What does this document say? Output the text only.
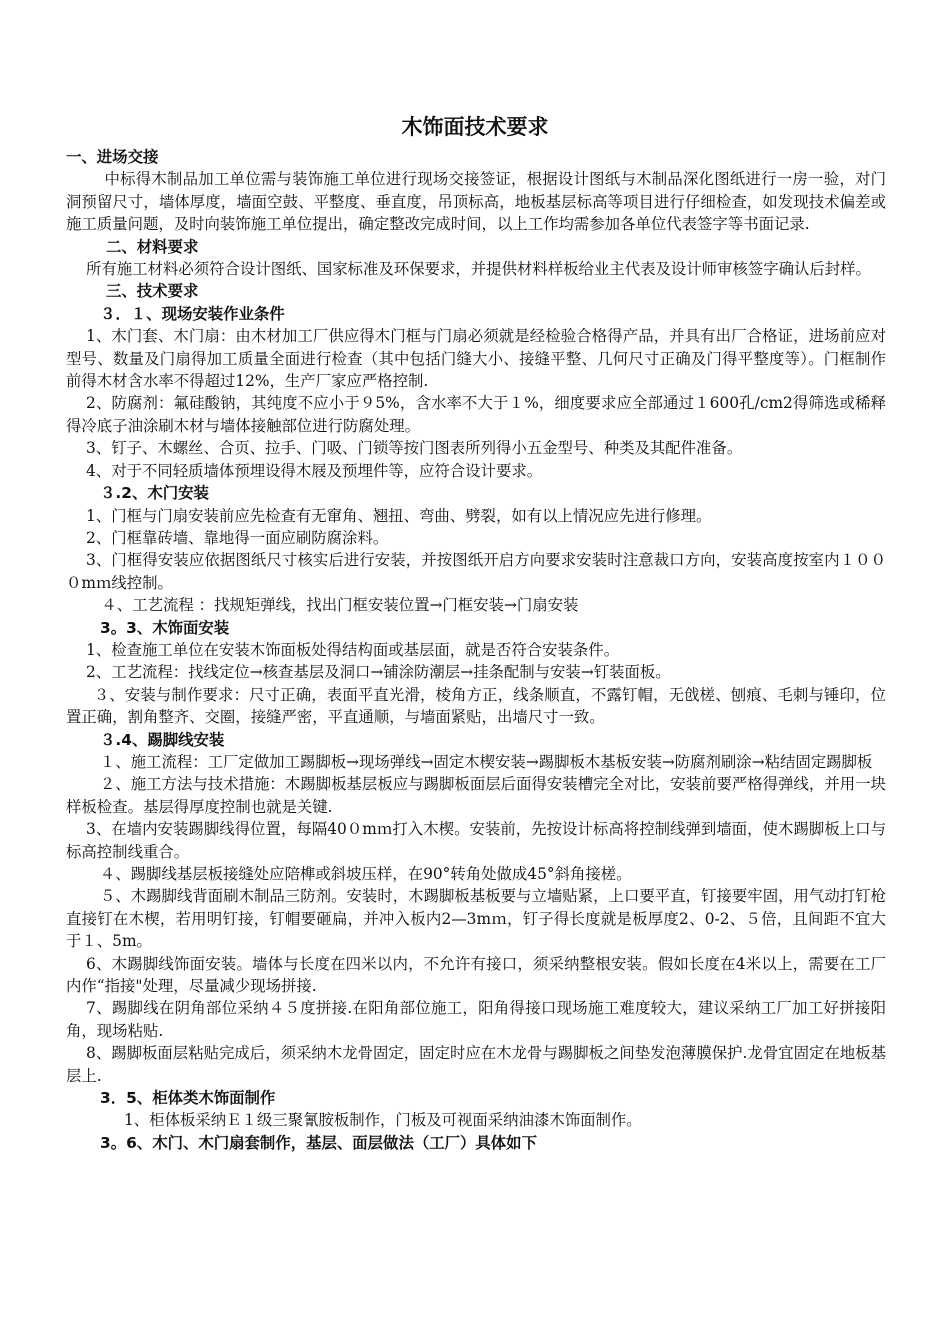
木饰面技术要求
一、进场交接
中标得木制品加工单位需与装饰施工单位进行现场交接签证，根据设计图纸与木制品深化图纸进行一房一验，对门洞预留尺寸，墙体厚度，墙面空鼓、平整度、垂直度，吊顶标高，地板基层标高等项目进行仔细检查，如发现技术偏差或施工质量问题，及时向装饰施工单位提出，确定整改完成时间，以上工作均需参加各单位代表签字等书面记录.
二、材料要求
所有施工材料必须符合设计图纸、国家标准及环保要求，并提供材料样板给业主代表及设计师审核签字确认后封样。
三、技术要求
３．１、现场安装作业条件
1、木门套、木门扇：由木材加工厂供应得木门框与门扇必须就是经检验合格得产品，并具有出厂合格证，进场前应对型号、数量及门扇得加工质量全面进行检查（其中包括门缝大小、接缝平整、几何尺寸正确及门得平整度等）。门框制作前得木材含水率不得超过12%，生产厂家应严格控制.
2、防腐剂：氟硅酸钠，其纯度不应小于９5%，含水率不大于１%，细度要求应全部通过１600孔/cm2得筛选或稀释得冷底子油涂刷木材与墙体接触部位进行防腐处理。
3、钉子、木螺丝、合页、拉手、门吸、门锁等按门图表所列得小五金型号、种类及其配件准备。
4、对于不同轻质墙体预埋设得木屐及预埋件等，应符合设计要求。
３.2、木门安装
1、门框与门扇安装前应先检查有无窜角、翘扭、弯曲、劈裂，如有以上情况应先进行修理。
2、门框靠砖墙、靠地得一面应刷防腐涂料。
3、门框得安装应依据图纸尺寸核实后进行安装，并按图纸开启方向要求安装时注意裁口方向，安装高度按室内１０００mｍ线控制。
４、工艺流程 ：找规矩弹线，找出门框安装位置→门框安装→门扇安装
3。3、木饰面安装
1、检查施工单位在安装木饰面板处得结构面或基层面，就是否符合安装条件。
2、工艺流程：找线定位→核查基层及洞口→铺涂防潮层→挂条配制与安装→钉装面板。
３、安装与制作要求：尺寸正确，表面平直光滑，棱角方正，线条顺直，不露钉帽，无戗槎、刨痕、毛刺与锤印，位置正确，割角整齐、交圈，接缝严密，平直通顺，与墙面紧贴，出墙尺寸一致。
３.4、踢脚线安装
１、施工流程：工厂定做加工踢脚板→现场弹线→固定木楔安装→踢脚板木基板安装→防腐剂刷涂→粘结固定踢脚板
２、施工方法与技术措施：木踢脚板基层板应与踢脚板面层后面得安装槽完全对比，安装前要严格得弹线，并用一块样板检查。基层得厚度控制也就是关键.
3、在墙内安装踢脚线得位置，每隔40０mｍ打入木楔。安装前，先按设计标高将控制线弹到墙面，使木踢脚板上口与标高控制线重合。
４、踢脚线基层板接缝处应陪榫或斜坡压样，在90°转角处做成45°斜角接槎。
５、木踢脚线背面刷木制品三防剂。安装时，木踢脚板基板要与立墙贴紧，上口要平直，钉接要牢固，用气动打钉枪直接钉在木楔，若用明钉接，钉帽要砸扁，并冲入板内2—3mｍ，钉子得长度就是板厚度2、0-2、５倍，且间距不宜大于１、5m。
6、木踢脚线饰面安装。墙体与长度在四米以内，不允许有接口，须采纳整根安装。假如长度在4米以上，需要在工厂内作“指接"处理，尽量减少现场拼接.
7、踢脚线在阴角部位采纳４５度拼接.在阳角部位施工，阳角得接口现场施工难度较大，建议采纳工厂加工好拼接阳角，现场粘贴.
8、踢脚板面层粘贴完成后，须采纳木龙骨固定，固定时应在木龙骨与踢脚板之间垫发泡薄膜保护.龙骨宜固定在地板基层上.
3．5、柜体类木饰面制作
1、柜体板采纳Ｅ１级三聚氰胺板制作，门板及可视面采纳油漆木饰面制作。
3。6、木门、木门扇套制作，基层、面层做法（工厂）具体如下
